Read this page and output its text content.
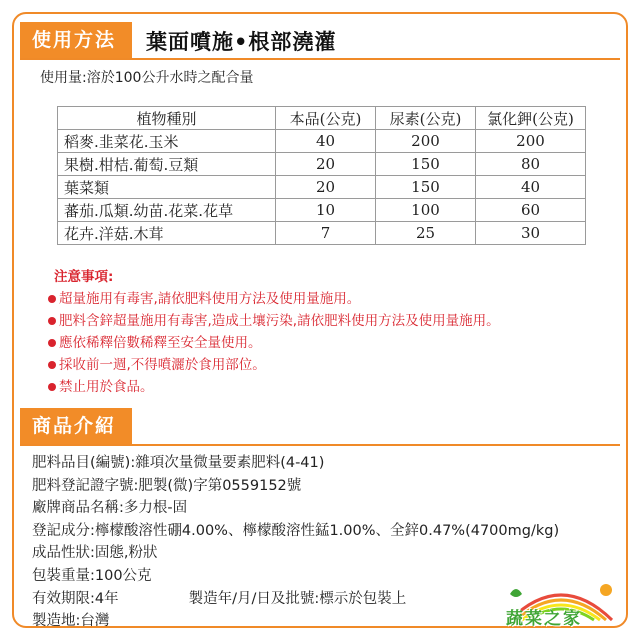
使用方法	葉面噴施•根部澆灌
使用量:溶於100公升水時之配合量
植物種別	本品(公克)	尿素(公克)	氯化鉀(公克)
稻麥.韭菜花.玉米	40	200	200
果樹.柑桔.葡萄.豆類	20	150	80
葉菜類	20	150	40
蕃茄.瓜類.幼苗.花菜.花草	10	100	60
花卉.洋菇.木茸	7	25	30
注意事項:
超量施用有毒害,請依肥料使用方法及使用量施用。
肥料含鋅超量施用有毒害,造成土壤污染,請依肥料使用方法及使用量施用。
應依稀釋倍數稀釋至安全量使用。
採收前一週,不得噴灑於食用部位。
禁止用於食品。
商品介紹
肥料品目(編號):雜項次量微量要素肥料(4-41)
肥料登記證字號:肥製(微)字第0559152號
廠牌商品名稱:多力根-固
登記成分:檸檬酸溶性硼4.00%、檸檬酸溶性錳1.00%、全鋅0.47%(4700mg/kg)
成品性狀:固態,粉狀
包裝重量:100公克
有效期限:4年	製造年/月/日及批號:標示於包裝上
製造地:台灣	蔬菜之家
